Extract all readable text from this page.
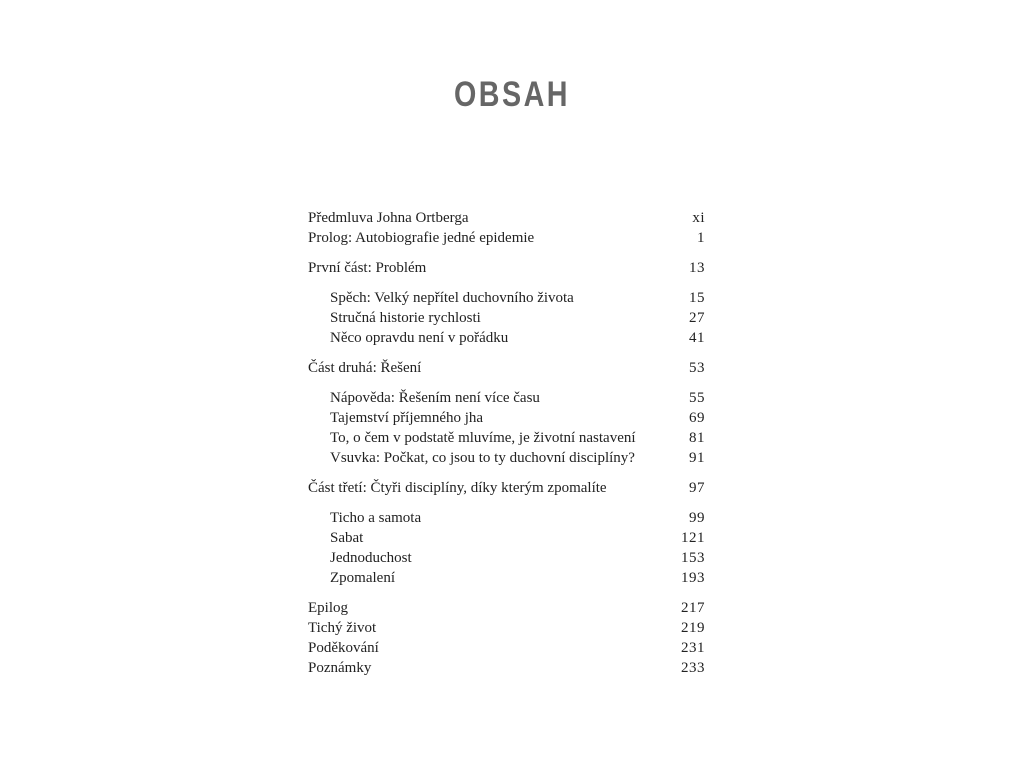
OBSAH
Předmluva Johna Ortberga	xi
Prolog: Autobiografie jedné epidemie	1
První část: Problém	13
Spěch: Velký nepřítel duchovního života	15
Stručná historie rychlosti	27
Něco opravdu není v pořádku	41
Část druhá: Řešení	53
Nápověda: Řešením není více času	55
Tajemství příjemného jha	69
To, o čem v podstatě mluvíme, je životní nastavení	81
Vsuvka: Počkat, co jsou to ty duchovní disciplíny?	91
Část třetí: Čtyři disciplíny, díky kterým zpomalíte	97
Ticho a samota	99
Sabat	121
Jednoduchost	153
Zpomalení	193
Epilog	217
Tichý život	219
Poděkování	231
Poznámky	233
